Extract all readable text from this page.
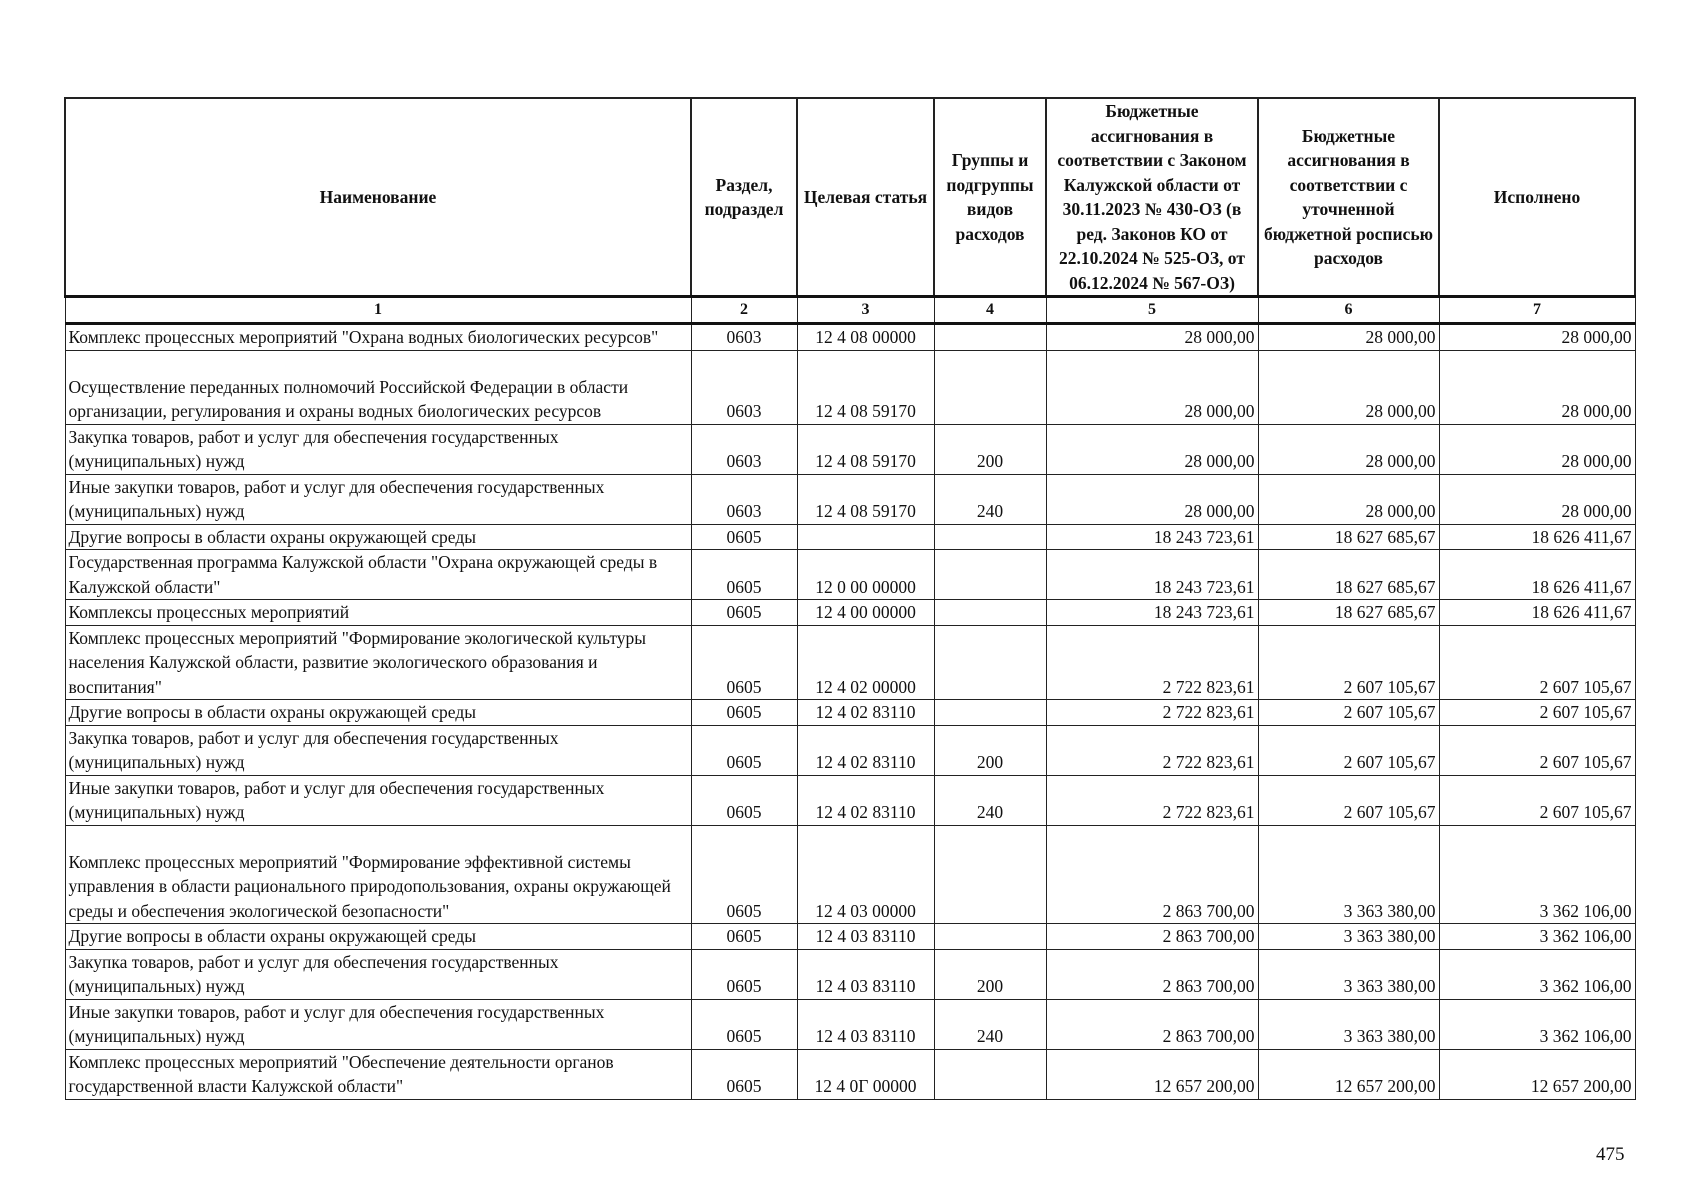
Наименование	Раздел, подраздел	Целевая статья	Группы и подгруппы видов расходов	Бюджетные ассигнования в соответствии с Законом Калужской области от 30.11.2023 № 430-ОЗ (в ред. Законов КО от 22.10.2024 № 525-ОЗ, от 06.12.2024 № 567-ОЗ)	Бюджетные ассигнования в соответствии с уточненной бюджетной росписью расходов	Исполнено
1	2	3	4	5	6	7
Комплекс процессных мероприятий "Охрана водных биологических ресурсов"	0603	12 4 08 00000		28 000,00	28 000,00	28 000,00
Осуществление переданных полномочий Российской Федерации в области организации, регулирования и охраны водных биологических ресурсов	0603	12 4 08 59170		28 000,00	28 000,00	28 000,00
Закупка товаров, работ и услуг для обеспечения государственных (муниципальных) нужд	0603	12 4 08 59170	200	28 000,00	28 000,00	28 000,00
Иные закупки товаров, работ и услуг для обеспечения государственных (муниципальных) нужд	0603	12 4 08 59170	240	28 000,00	28 000,00	28 000,00
Другие вопросы в области охраны окружающей среды	0605			18 243 723,61	18 627 685,67	18 626 411,67
Государственная программа Калужской области "Охрана окружающей среды в Калужской области"	0605	12 0 00 00000		18 243 723,61	18 627 685,67	18 626 411,67
Комплексы процессных мероприятий	0605	12 4 00 00000		18 243 723,61	18 627 685,67	18 626 411,67
Комплекс процессных мероприятий "Формирование экологической культуры населения Калужской области, развитие экологического образования и воспитания"	0605	12 4 02 00000		2 722 823,61	2 607 105,67	2 607 105,67
Другие вопросы в области охраны окружающей среды	0605	12 4 02 83110		2 722 823,61	2 607 105,67	2 607 105,67
Закупка товаров, работ и услуг для обеспечения государственных (муниципальных) нужд	0605	12 4 02 83110	200	2 722 823,61	2 607 105,67	2 607 105,67
Иные закупки товаров, работ и услуг для обеспечения государственных (муниципальных) нужд	0605	12 4 02 83110	240	2 722 823,61	2 607 105,67	2 607 105,67
Комплекс процессных мероприятий "Формирование эффективной системы управления в области рационального природопользования, охраны окружающей среды и обеспечения экологической безопасности"	0605	12 4 03 00000		2 863 700,00	3 363 380,00	3 362 106,00
Другие вопросы в области охраны окружающей среды	0605	12 4 03 83110		2 863 700,00	3 363 380,00	3 362 106,00
Закупка товаров, работ и услуг для обеспечения государственных (муниципальных) нужд	0605	12 4 03 83110	200	2 863 700,00	3 363 380,00	3 362 106,00
Иные закупки товаров, работ и услуг для обеспечения государственных (муниципальных) нужд	0605	12 4 03 83110	240	2 863 700,00	3 363 380,00	3 362 106,00
Комплекс процессных мероприятий "Обеспечение деятельности органов государственной власти Калужской области"	0605	12 4 0Г 00000		12 657 200,00	12 657 200,00	12 657 200,00
475
